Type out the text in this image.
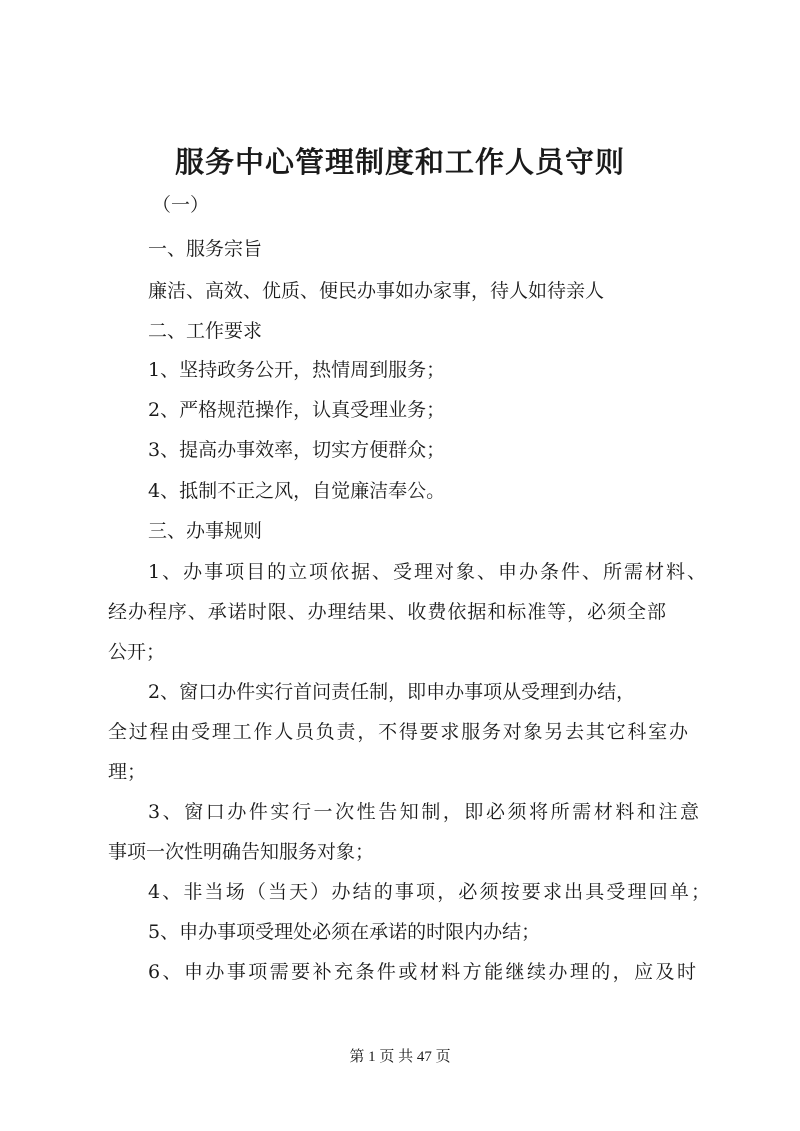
服务中心管理制度和工作人员守则

（一）

一、服务宗旨

廉洁、高效、优质、便民办事如办家事，待人如待亲人

二、工作要求

1、坚持政务公开，热情周到服务；

2、严格规范操作，认真受理业务；

3、提高办事效率，切实方便群众；

4、抵制不正之风，自觉廉洁奉公。

三、办事规则

1、办事项目的立项依据、受理对象、申办条件、所需材料、

经办程序、承诺时限、办理结果、收费依据和标准等，必须全部

公开；

2、窗口办件实行首问责任制，即申办事项从受理到办结，

全过程由受理工作人员负责，不得要求服务对象另去其它科室办

理；

3、窗口办件实行一次性告知制，即必须将所需材料和注意

事项一次性明确告知服务对象；

4、非当场（当天）办结的事项，必须按要求出具受理回单；

5、申办事项受理处必须在承诺的时限内办结；

6、申办事项需要补充条件或材料方能继续办理的，应及时

第 1 页 共 47 页
